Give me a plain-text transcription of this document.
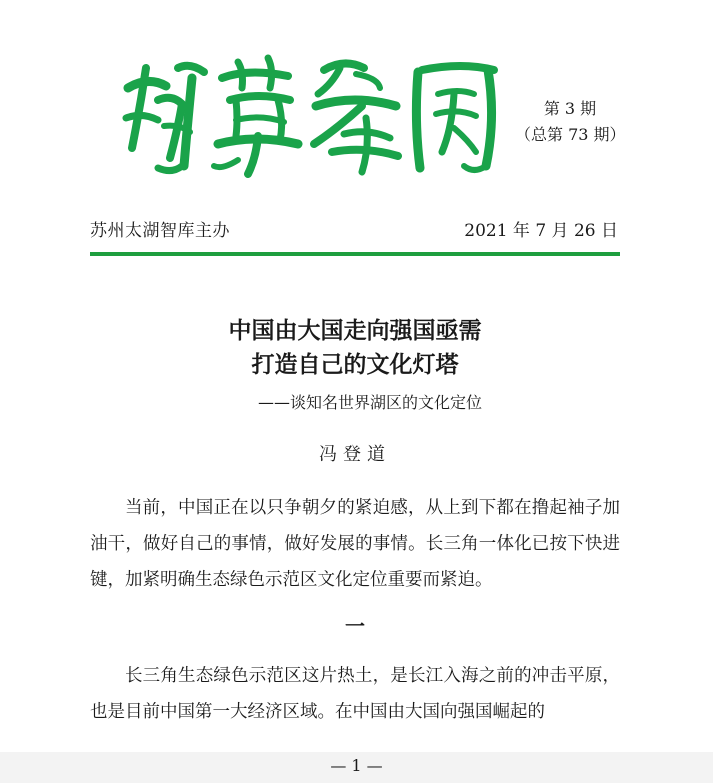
第 3 期
（总第 73 期）
苏州太湖智库主办	2021 年 7 月 26 日
中国由大国走向强国亟需
打造自己的文化灯塔
——谈知名世界湖区的文化定位
冯登道
当前，中国正在以只争朝夕的紧迫感，从上到下都在撸起袖子加油干，做好自己的事情，做好发展的事情。长三角一体化已按下快进键，加紧明确生态绿色示范区文化定位重要而紧迫。
一
长三角生态绿色示范区这片热土，是长江入海之前的冲击平原，也是目前中国第一大经济区域。在中国由大国向强国崛起的
— 1 —
